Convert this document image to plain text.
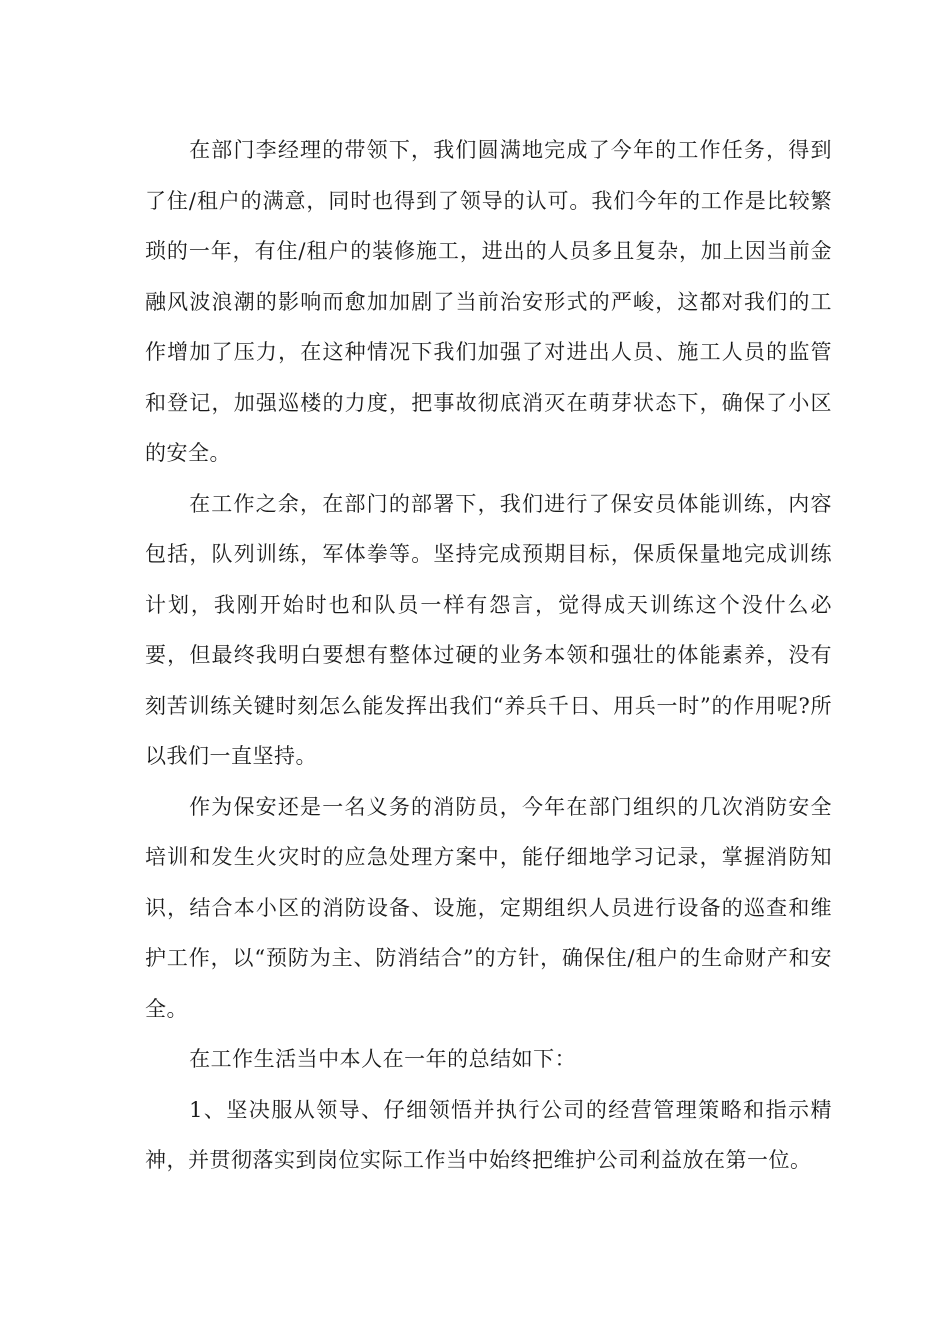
在部门李经理的带领下，我们圆满地完成了今年的工作任务，得到了住/租户的满意，同时也得到了领导的认可。我们今年的工作是比较繁琐的一年，有住/租户的装修施工，进出的人员多且复杂，加上因当前金融风波浪潮的影响而愈加加剧了当前治安形式的严峻，这都对我们的工作增加了压力，在这种情况下我们加强了对进出人员、施工人员的监管和登记，加强巡楼的力度，把事故彻底消灭在萌芽状态下，确保了小区的安全。

在工作之余，在部门的部署下，我们进行了保安员体能训练，内容包括，队列训练，军体拳等。坚持完成预期目标，保质保量地完成训练计划，我刚开始时也和队员一样有怨言，觉得成天训练这个没什么必要，但最终我明白要想有整体过硬的业务本领和强壮的体能素养，没有刻苦训练关键时刻怎么能发挥出我们“养兵千日、用兵一时”的作用呢?所以我们一直坚持。

作为保安还是一名义务的消防员，今年在部门组织的几次消防安全培训和发生火灾时的应急处理方案中，能仔细地学习记录，掌握消防知识，结合本小区的消防设备、设施，定期组织人员进行设备的巡查和维护工作，以“预防为主、防消结合”的方针，确保住/租户的生命财产和安全。

在工作生活当中本人在一年的总结如下：

1、坚决服从领导、仔细领悟并执行公司的经营管理策略和指示精神，并贯彻落实到岗位实际工作当中始终把维护公司利益放在第一位。
